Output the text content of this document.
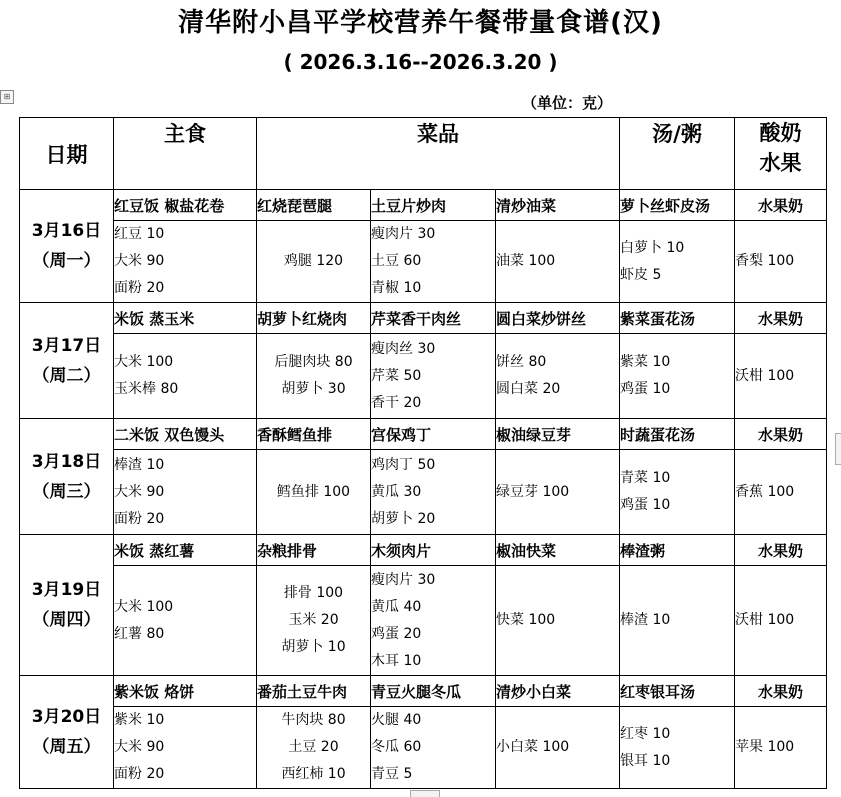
清华附小昌平学校营养午餐带量食谱(汉)
( 2026.3.16--2026.3.20 )
（单位：克）
⊞
日期	主食	菜品			汤/粥	酸奶
水果

3月16日
（周一）	红豆饭 椒盐花卷	红烧琵琶腿	土豆片炒肉	清炒油菜	萝卜丝虾皮汤	水果奶

	红豆 10
大米 90
面粉 20	鸡腿 120	瘦肉片 30
土豆 60
青椒 10	油菜 100	白萝卜 10
虾皮 5	香梨 100

3月17日
（周二）	米饭 蒸玉米	胡萝卜红烧肉	芹菜香干肉丝	圆白菜炒饼丝	紫菜蛋花汤	水果奶

	大米 100
玉米棒 80	后腿肉块 80
胡萝卜 30	瘦肉丝 30
芹菜 50
香干 20	饼丝 80
圆白菜 20	紫菜 10
鸡蛋 10	沃柑 100

3月18日
（周三）	二米饭 双色馒头	香酥鳕鱼排	宫保鸡丁	椒油绿豆芽	时蔬蛋花汤	水果奶

	棒渣 10
大米 90
面粉 20	鳕鱼排 100	鸡肉丁 50
黄瓜 30
胡萝卜 20	绿豆芽 100	青菜 10
鸡蛋 10	香蕉 100

3月19日
（周四）	米饭 蒸红薯	杂粮排骨	木须肉片	椒油快菜	棒渣粥	水果奶

	大米 100
红薯 80	排骨 100
玉米 20
胡萝卜 10	瘦肉片 30
黄瓜 40
鸡蛋 20
木耳 10	快菜 100	棒渣 10	沃柑 100

3月20日
（周五）	紫米饭 烙饼	番茄土豆牛肉	青豆火腿冬瓜	清炒小白菜	红枣银耳汤	水果奶

	紫米 10
大米 90
面粉 20	牛肉块 80
土豆 20
西红柿 10	火腿 40
冬瓜 60
青豆 5	小白菜 100	红枣 10
银耳 10	苹果 100
